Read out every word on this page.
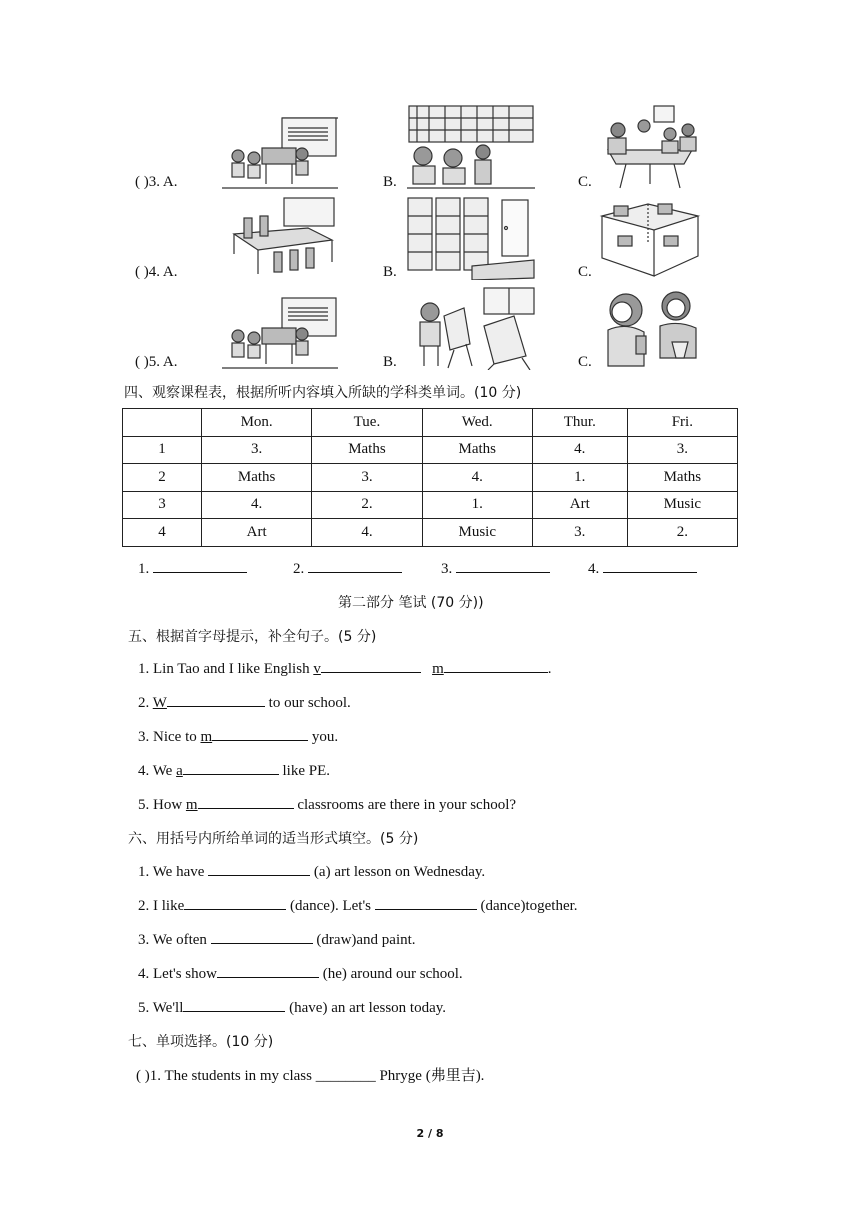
( )3. A.	B.	C.
( )4. A.	B.	C.
( )5. A.	B.	C.
四、观察课程表，根据所听内容填入所缺的学科类单词。(10 分)
	Mon.	Tue.	Wed.	Thur.	Fri.
1	3.	Maths	Maths	4.	3.
2	Maths	3.	4.	1.	Maths
3	4.	2.	1.	Art	Music
4	Art	4.	Music	3.	2.
1.	2.	3.	4.
第二部分 笔试 (70 分))
五、根据首字母提示，补全句子。(5 分)
1. Lin Tao and I like English v	m	.
2. W	to our school.
3. Nice to m	you.
4. We a	like PE.
5. How m	classrooms are there in your school?
六、用括号内所给单词的适当形式填空。(5 分)
1. We have	(a) art lesson on Wednesday.
2. I like	(dance). Let's	(dance)together.
3. We often	(draw)and paint.
4. Let's show	(he) around our school.
5. We'll	(have) an art lesson today.
七、单项选择。(10 分)
( )1. The students in my class ________ Phryge (弗里吉).
2 / 8
